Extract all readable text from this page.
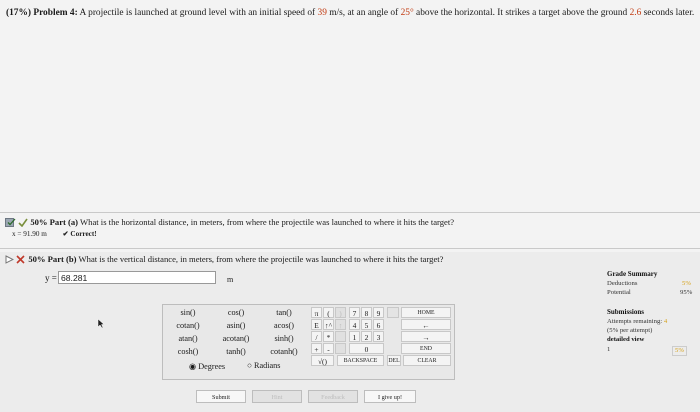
(17%) Problem 4: A projectile is launched at ground level with an initial speed of 39 m/s, at an angle of 25° above the horizontal. It strikes a target above the ground 2.6 seconds later.
50% Part (a) What is the horizontal distance, in meters, from where the projectile was launched to where it hits the target?
x = 91.90 m ✔ Correct!
50% Part (b) What is the vertical distance, in meters, from where the projectile was launched to where it hits the target?
y = 68.281	m
sin()	cos()	tan()
cotan()	asin()	acos()
atan()	acotan()	sinh()
cosh()	tanh()	cotanh()
◉ Degrees	○ Radians
π	(	)
E ↑^ ↑
/	*
+	-
√()
7	8	9
4	5	6
1	2	3
0
BACKSPACE
HOME
←
→
END
DEL	CLEAR
Submit	Hint	Feedback	I give up!
Grade Summary
Deductions	5%
Potential	95%
Submissions
Attempts remaining: 4
(5% per attempt)
detailed view
1	5%
